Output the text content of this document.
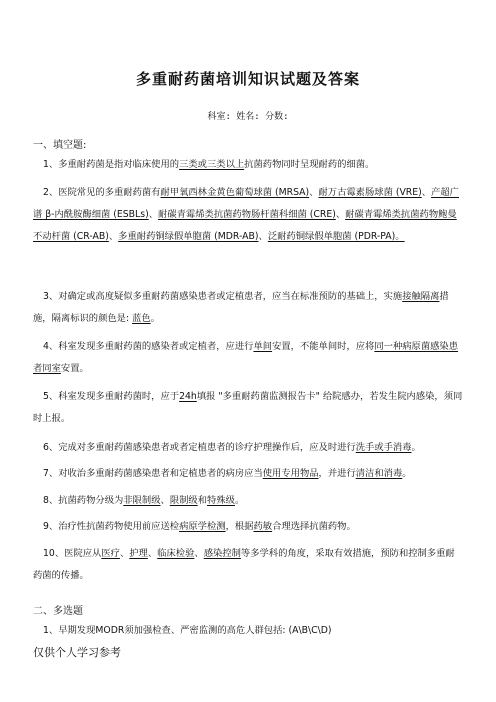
多重耐药菌培训知识试题及答案
科室: 姓名: 分数:
一、填空题:
1、多重耐药菌是指对临床使用的三类或三类以上抗菌药物同时呈现耐药的细菌。
2、医院常见的多重耐药菌有耐甲氧西林金黄色葡萄球菌 (MRSA)、耐万古霉素肠球菌 (VRE)、产超广谱 β-内酰胺酶细菌 (ESBLs)、耐碳青霉烯类抗菌药物肠杆菌科细菌 (CRE)、耐碳青霉烯类抗菌药物鲍曼不动杆菌 (CR-AB)、多重耐药铜绿假单胞菌 (MDR-AB)、泛耐药铜绿假单胞菌 (PDR-PA)。
3、对确定或高度疑似多重耐药菌感染患者或定植患者，应当在标准预防的基础上，实施接触隔离措施，隔离标识的颜色是: 蓝色。
4、科室发现多重耐药菌的感染者或定植者，应进行单间安置，不能单间时，应将同一种病原菌感染患者同室安置。
5、科室发现多重耐药菌时，应于24h填报 "多重耐药菌监测报告卡" 给院感办，若发生院内感染，须同时上报。
6、完成对多重耐药菌感染患者或者定植患者的诊疗护理操作后，应及时进行洗手或手消毒。
7、对收治多重耐药菌感染患者和定植患者的病房应当使用专用物品，并进行清洁和消毒。
8、抗菌药物分级为非限制级、限制级和特殊级。
9、治疗性抗菌药物使用前应送检病原学检测，根据药敏合理选择抗菌药物。
10、医院应从医疗、护理、临床检验、感染控制等多学科的角度，采取有效措施，预防和控制多重耐药菌的传播。
二、多选题
1、早期发现MODR须加强检查、严密监测的高危人群包括: (A\B\C\D)
仅供个人学习参考
